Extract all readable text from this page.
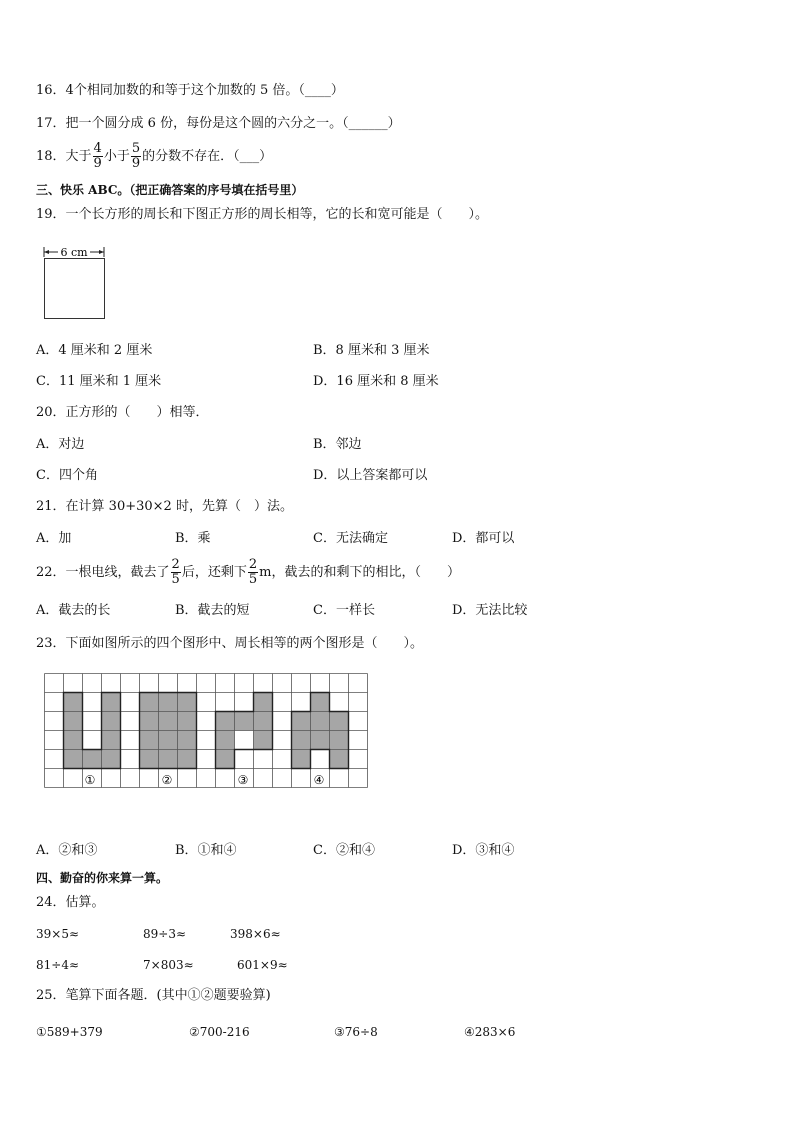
16．4个相同加数的和等于这个加数的 5 倍。（____）
17．把一个圆分成 6 份，每份是这个圆的六分之一。（______）
18．大于 $\frac{4}{9}$ 小于 $\frac{5}{9}$ 的分数不存在．（___）
三、快乐 ABC。（把正确答案的序号填在括号里）
19．一个长方形的周长和下图正方形的周长相等，它的长和宽可能是（　　）。
6 cm
A．4 厘米和 2 厘米	B．8 厘米和 3 厘米
C．11 厘米和 1 厘米	D．16 厘米和 8 厘米
20．正方形的（　　）相等．
A．对边	B．邻边
C．四个角	D．以上答案都可以
21．在计算 30+30×2 时，先算（　）法。
A．加	B．乘	C．无法确定	D．都可以
22．一根电线，截去了 $\frac{2}{5}$ 后，还剩下 $\frac{2}{5}$ m，截去的和剩下的相比，（　　）
A．截去的长	B．截去的短	C．一样长	D．无法比较
23．下面如图所示的四个图形中、周长相等的两个图形是（　　）。
①	②	③	④
A．②和③	B．①和④	C．②和④	D．③和④
四、勤奋的你来算一算。
24．估算。
39×5≈	89÷3≈	398×6≈
81÷4≈	7×803≈	601×9≈
25．笔算下面各题．(其中①②题要验算)
①589+379	②700-216	③76÷8	④283×6
